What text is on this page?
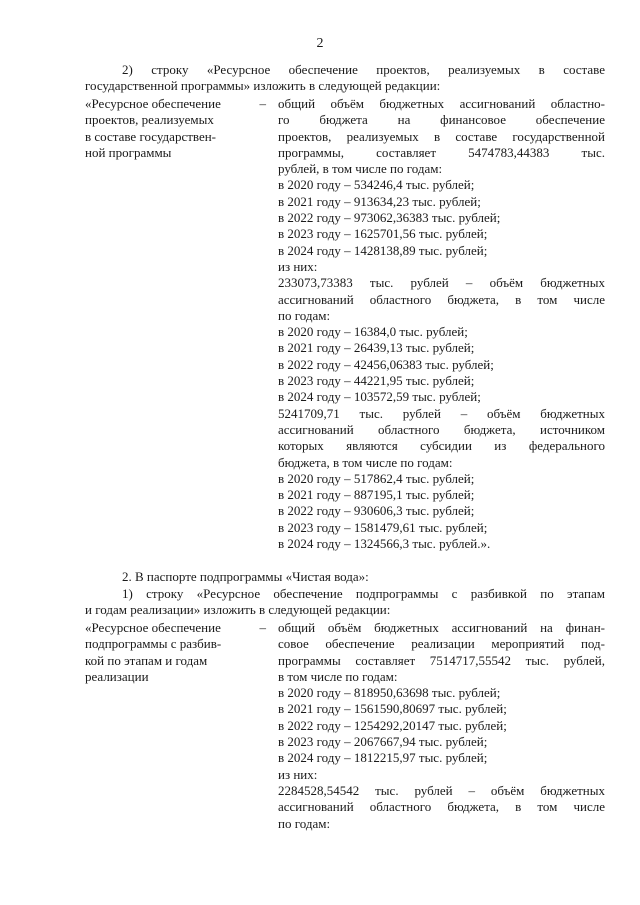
2
2) строку «Ресурсное обеспечение проектов, реализуемых в составе
государственной программы» изложить в следующей редакции:
–
«Ресурсное обеспечение
проектов, реализуемых
в составе государствен-
ной программы
общий объём бюджетных ассигнований областно-
го бюджета на финансовое обеспечение
проектов, реализуемых в составе государственной
программы, составляет 5474783,44383 тыс.
рублей, в том числе по годам:
в 2020 году – 534246,4 тыс. рублей;
в 2021 году – 913634,23 тыс. рублей;
в 2022 году – 973062,36383 тыс. рублей;
в 2023 году – 1625701,56 тыс. рублей;
в 2024 году – 1428138,89 тыс. рублей;
из них:
233073,73383 тыс. рублей – объём бюджетных
ассигнований областного бюджета, в том числе
по годам:
в 2020 году – 16384,0 тыс. рублей;
в 2021 году – 26439,13 тыс. рублей;
в 2022 году – 42456,06383 тыс. рублей;
в 2023 году – 44221,95 тыс. рублей;
в 2024 году – 103572,59 тыс. рублей;
5241709,71 тыс. рублей – объём бюджетных
ассигнований областного бюджета, источником
которых являются субсидии из федерального
бюджета, в том числе по годам:
в 2020 году – 517862,4 тыс. рублей;
в 2021 году – 887195,1 тыс. рублей;
в 2022 году – 930606,3 тыс. рублей;
в 2023 году – 1581479,61 тыс. рублей;
в 2024 году – 1324566,3 тыс. рублей.».
2. В паспорте подпрограммы «Чистая вода»:
1) строку «Ресурсное обеспечение подпрограммы с разбивкой по этапам
и годам реализации» изложить в следующей редакции:
–
«Ресурсное обеспечение
подпрограммы с разбив-
кой по этапам и годам
реализации
общий объём бюджетных ассигнований на финан-
совое обеспечение реализации мероприятий под-
программы составляет 7514717,55542 тыс. рублей,
в том числе по годам:
в 2020 году – 818950,63698 тыс. рублей;
в 2021 году – 1561590,80697 тыс. рублей;
в 2022 году – 1254292,20147 тыс. рублей;
в 2023 году – 2067667,94 тыс. рублей;
в 2024 году – 1812215,97 тыс. рублей;
из них:
2284528,54542 тыс. рублей – объём бюджетных
ассигнований областного бюджета, в том числе
по годам:
